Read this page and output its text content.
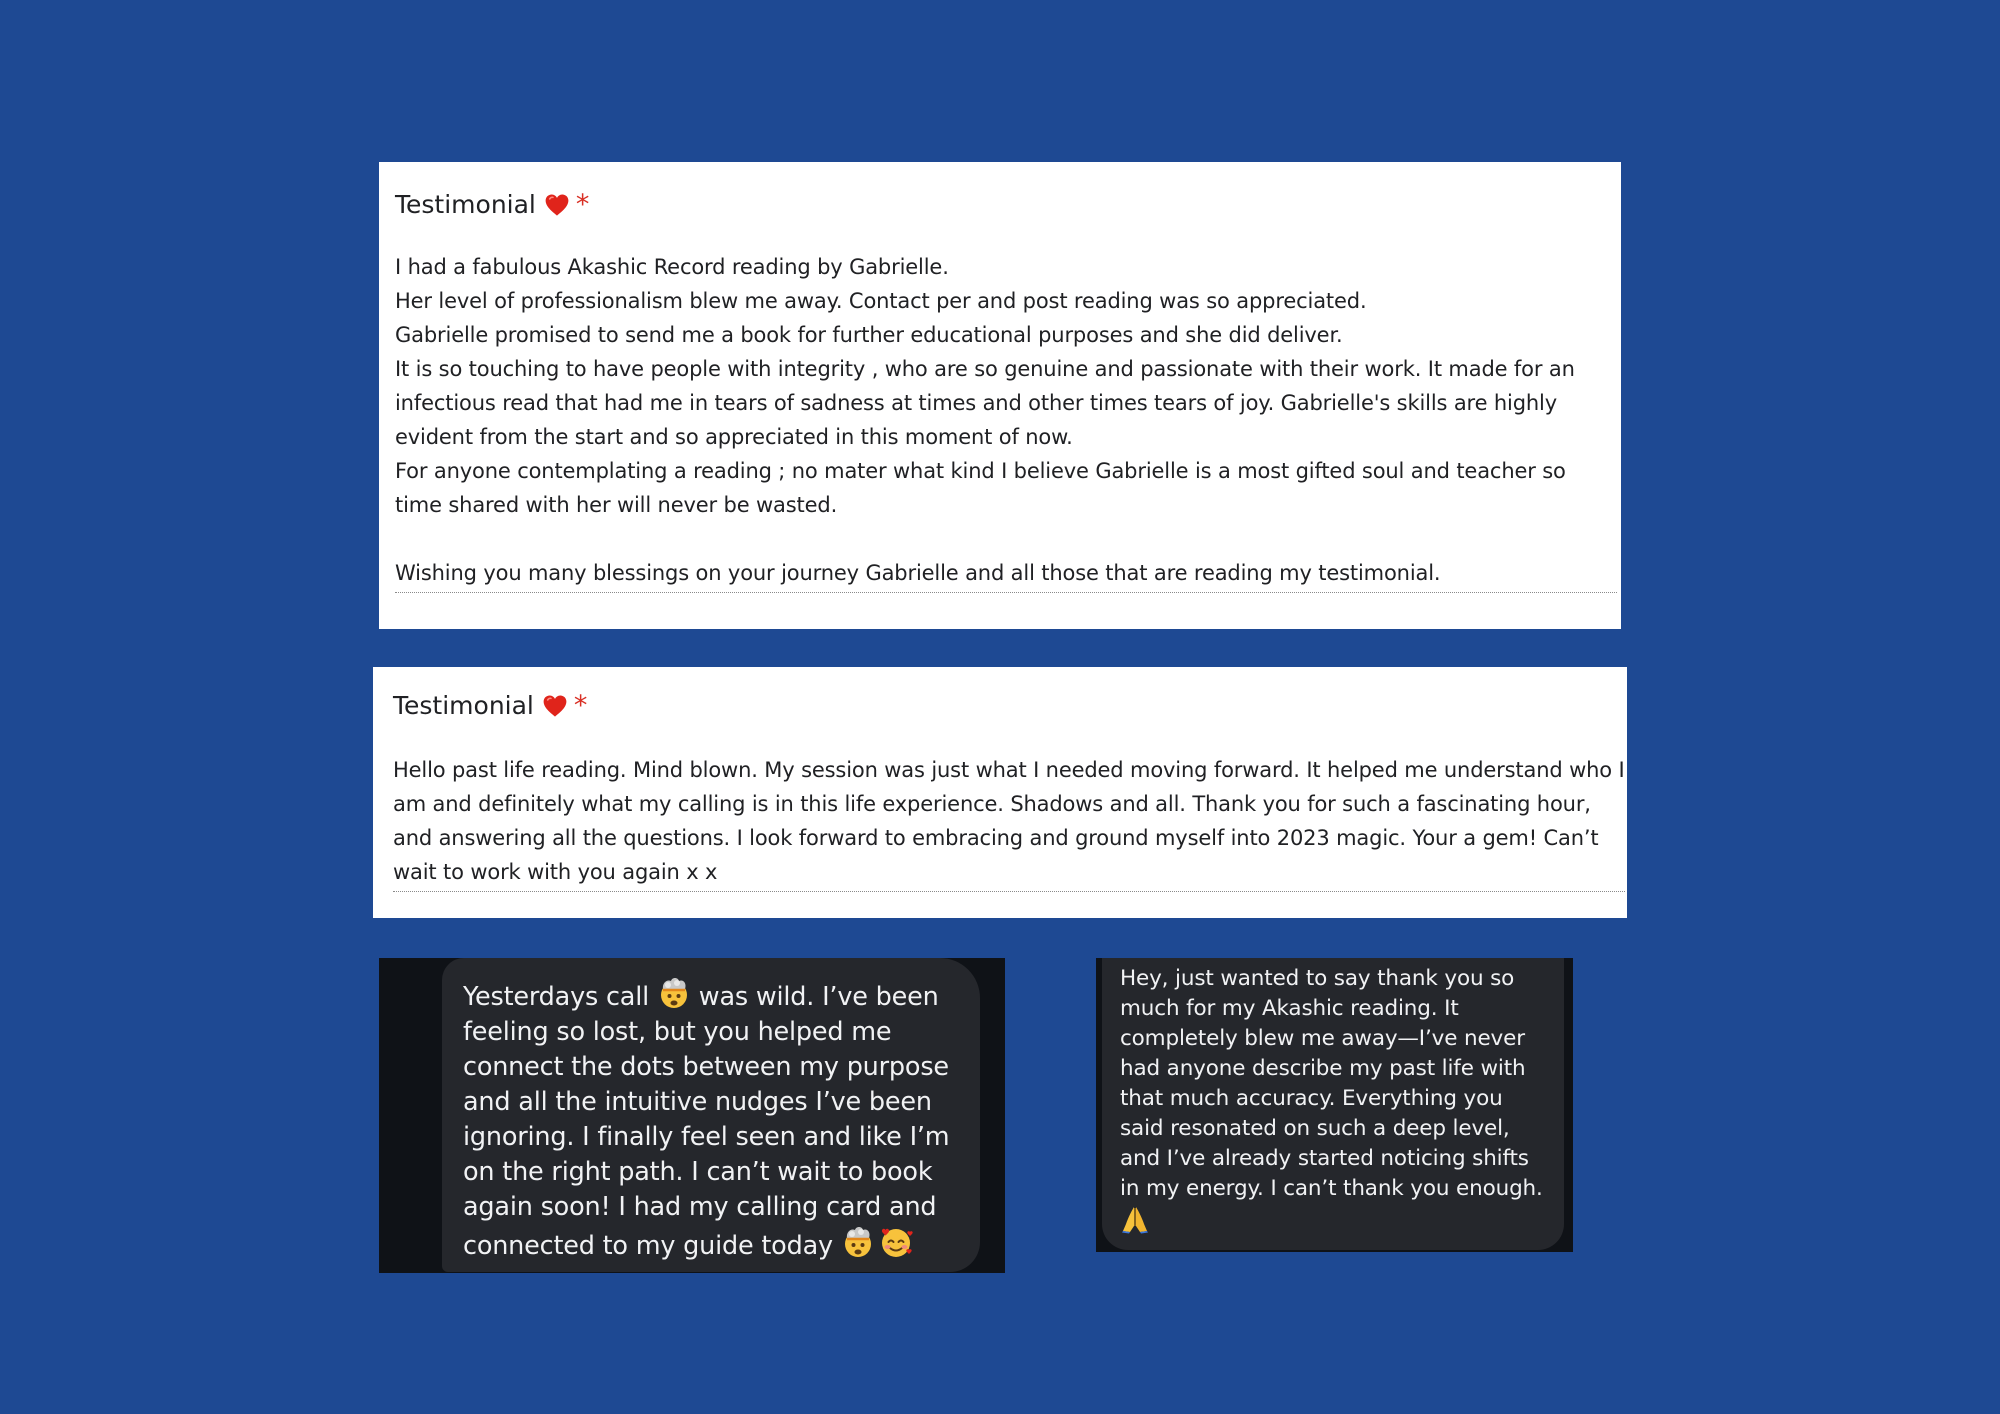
Testimonial *
I had a fabulous Akashic Record reading by Gabrielle.
Her level of professionalism blew me away. Contact per and post reading was so appreciated.
Gabrielle promised to send me a book for further educational purposes and she did deliver.
It is so touching to have people with integrity , who are so genuine and passionate with their work. It made for an infectious read that had me in tears of sadness at times and other times tears of joy. Gabrielle's skills are highly evident from the start and so appreciated in this moment of now.
For anyone contemplating a reading ; no mater what kind I believe Gabrielle is a most gifted soul and teacher so time shared with her will never be wasted.

Wishing you many blessings on your journey Gabrielle and all those that are reading my testimonial.
Testimonial *
Hello past life reading. Mind blown. My session was just what I needed moving forward. It helped me understand who I am and definitely what my calling is in this life experience. Shadows and all. Thank you for such a fascinating hour, and answering all the questions. I look forward to embracing and ground myself into 2023 magic. Your a gem! Can’t wait to work with you again x x
Yesterdays call  was wild. I’ve been feeling so lost, but you helped me connect the dots between my purpose and all the intuitive nudges I’ve been ignoring. I finally feel seen and like I’m on the right path. I can’t wait to book again soon! I had my calling card and connected to my guide today
Hey, just wanted to say thank you so much for my Akashic reading. It completely blew me away—I’ve never had anyone describe my past life with that much accuracy. Everything you said resonated on such a deep level, and I’ve already started noticing shifts in my energy. I can’t thank you enough.
